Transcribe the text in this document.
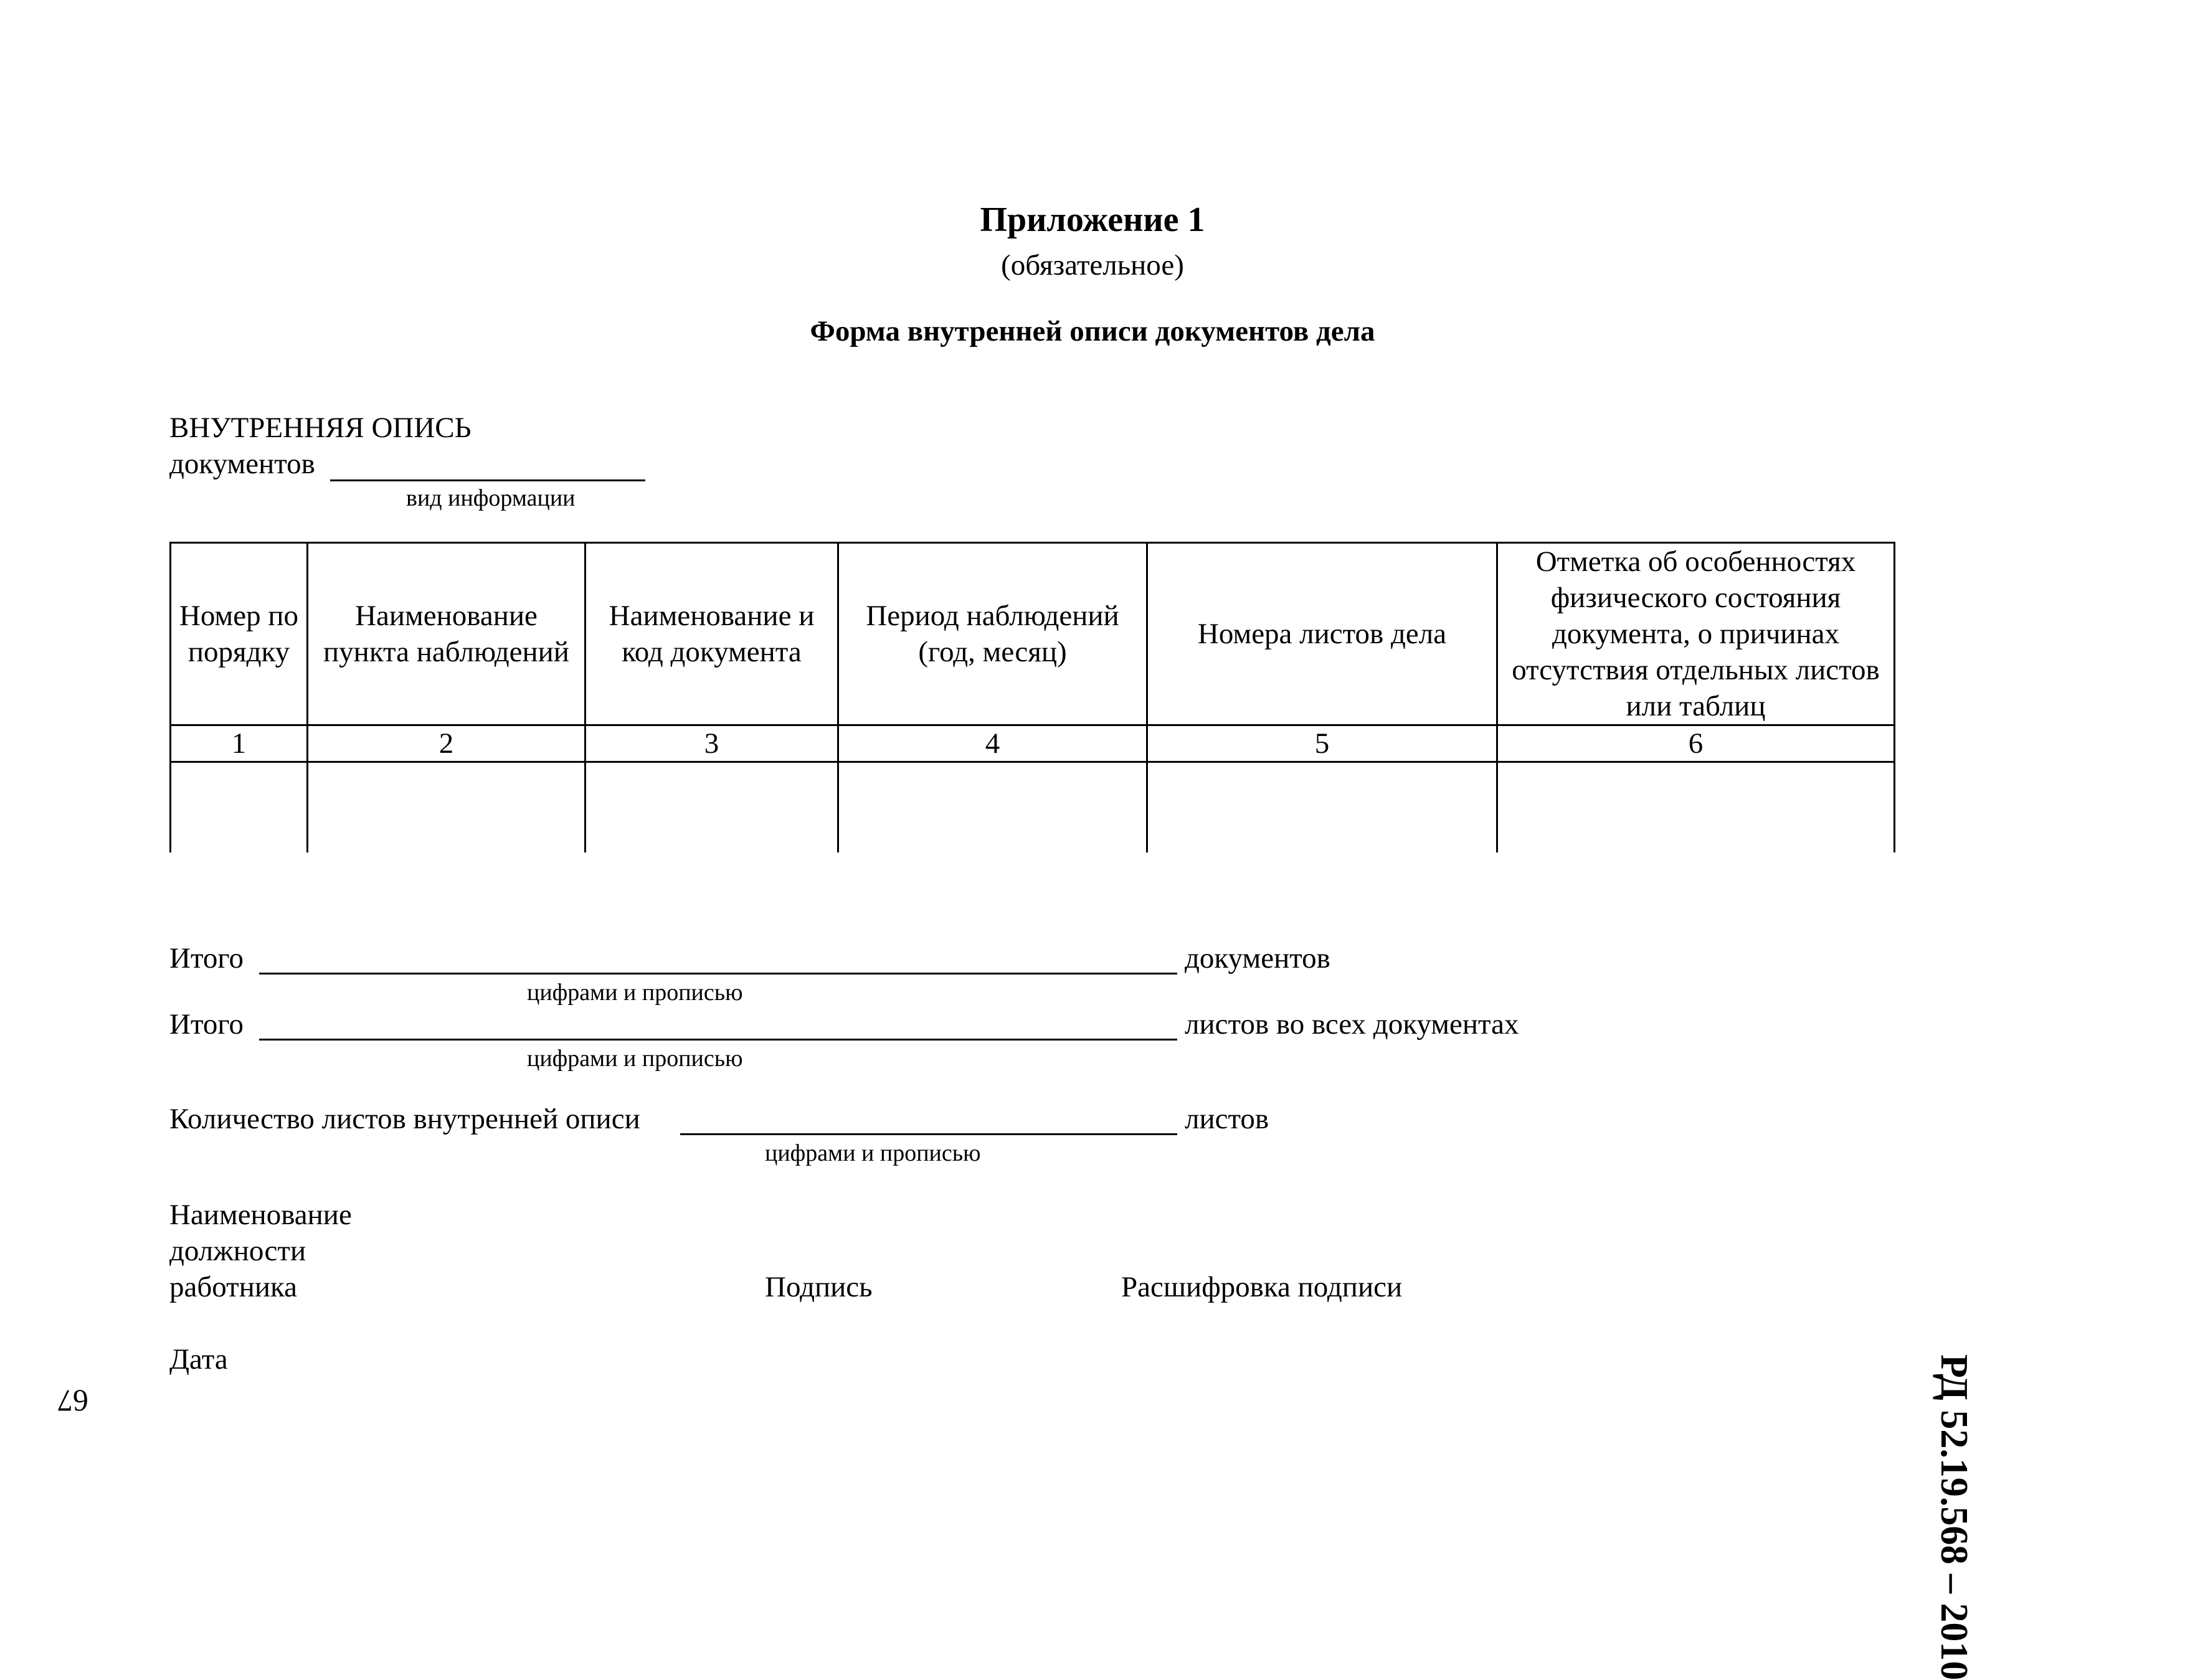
Приложение 1
(обязательное)
Форма внутренней описи документов дела
ВНУТРЕННЯЯ ОПИСЬ
документов
вид информации
Номер по порядку	Наименование пункта наблюдений	Наименование и код документа	Период наблюдений (год, месяц)	Номера листов дела	Отметка об особенностях физического состояния документа, о причинах отсутствия отдельных листов или таблиц
1	2	3	4	5	6

Итого	документов
цифрами и прописью
Итого	листов во всех документах
цифрами и прописью
Количество листов внутренней описи	листов
цифрами и прописью
Наименование
должности
работника	Подпись	Расшифровка подписи
Дата	РД 52.19.568 – 2010
67
